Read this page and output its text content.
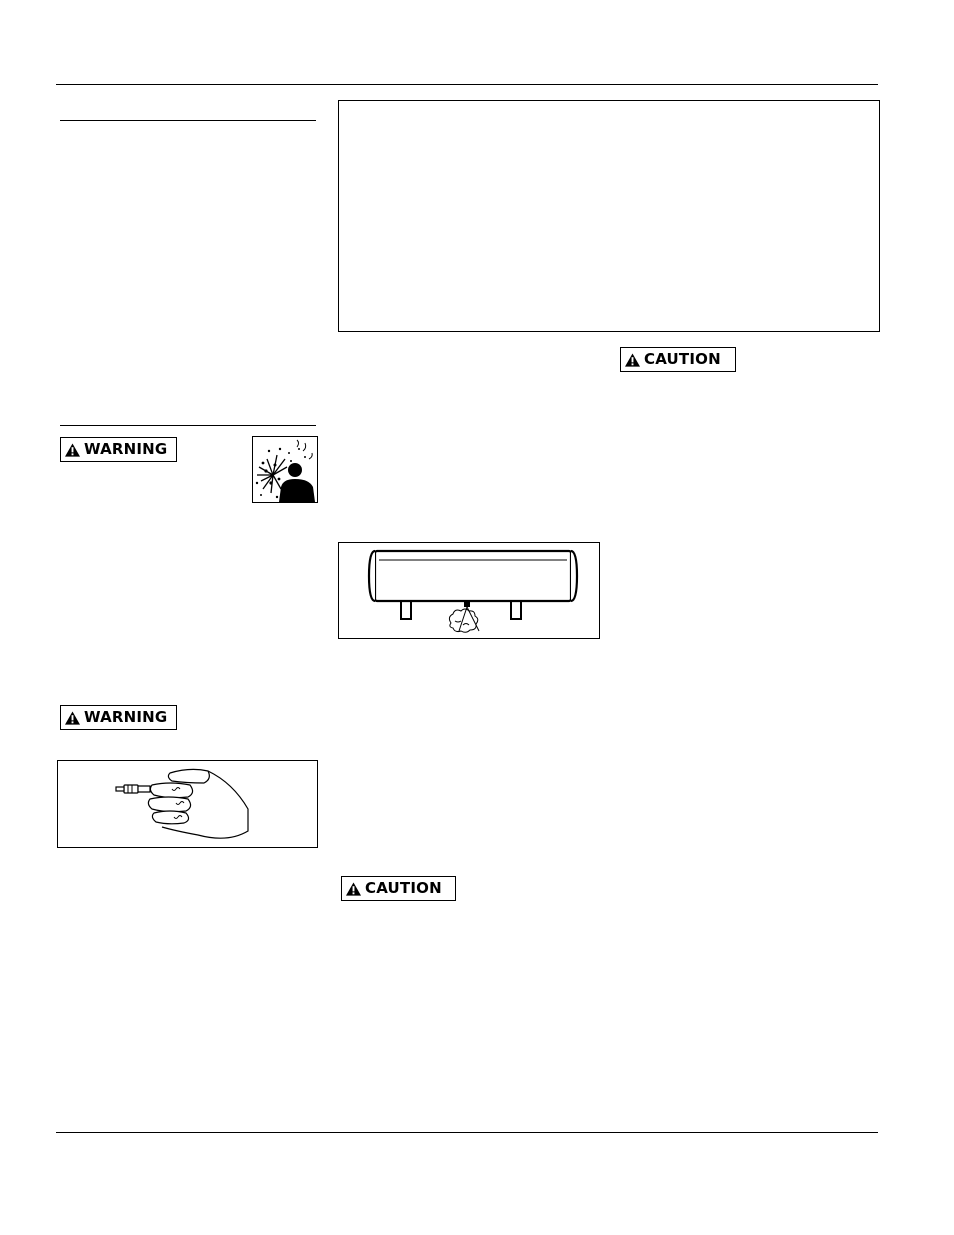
CAUTION
WARNING
WARNING
CAUTION
